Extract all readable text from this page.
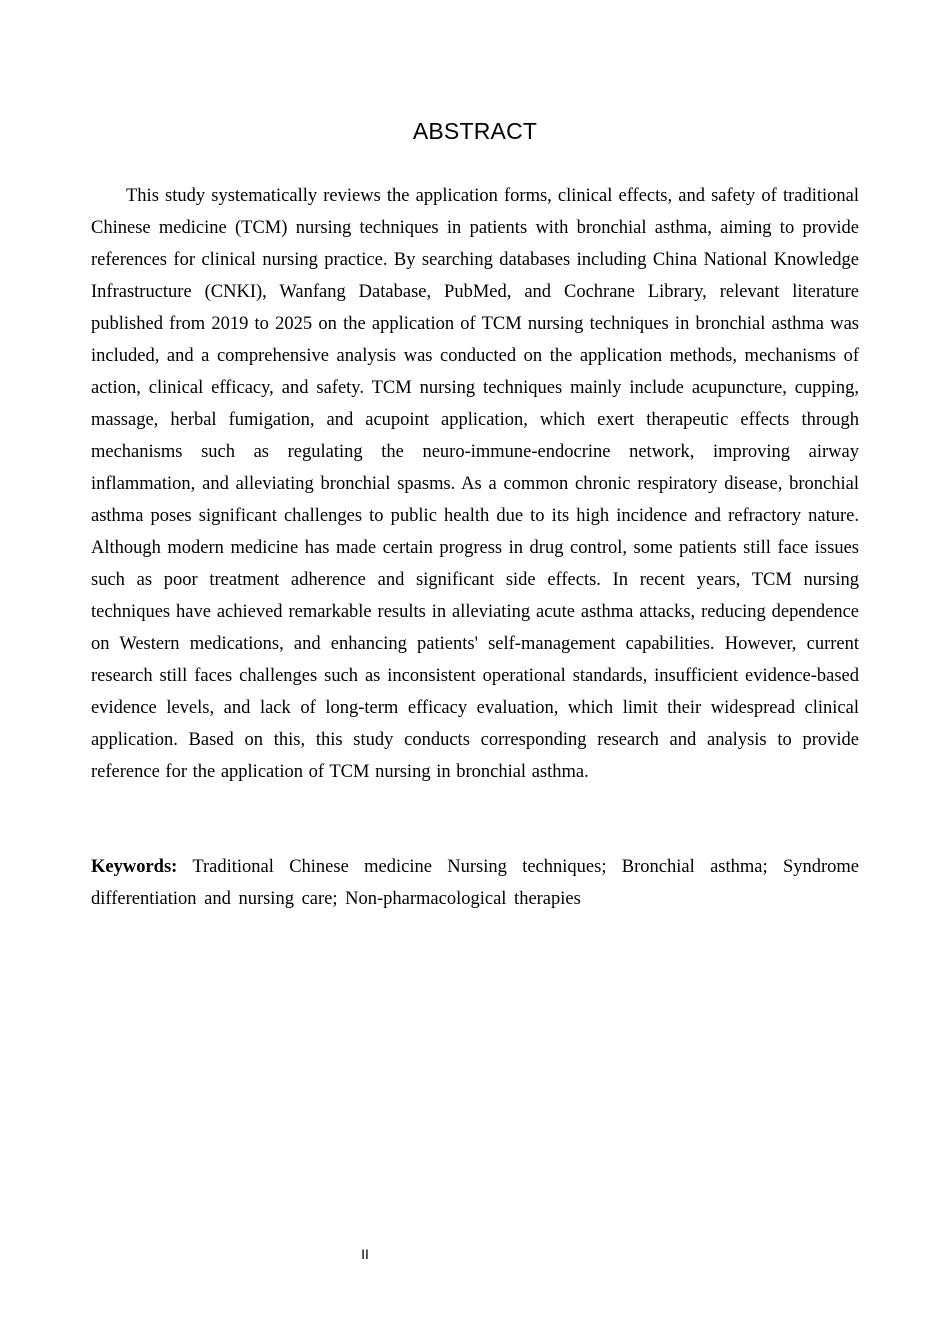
ABSTRACT

This study systematically reviews the application forms, clinical effects, and safety of traditional Chinese medicine (TCM) nursing techniques in patients with bronchial asthma, aiming to provide references for clinical nursing practice. By searching databases including China National Knowledge Infrastructure (CNKI), Wanfang Database, PubMed, and Cochrane Library, relevant literature published from 2019 to 2025 on the application of TCM nursing techniques in bronchial asthma was included, and a comprehensive analysis was conducted on the application methods, mechanisms of action, clinical efficacy, and safety. TCM nursing techniques mainly include acupuncture, cupping, massage, herbal fumigation, and acupoint application, which exert therapeutic effects through mechanisms such as regulating the neuro-immune-endocrine network, improving airway inflammation, and alleviating bronchial spasms. As a common chronic respiratory disease, bronchial asthma poses significant challenges to public health due to its high incidence and refractory nature. Although modern medicine has made certain progress in drug control, some patients still face issues such as poor treatment adherence and significant side effects. In recent years, TCM nursing techniques have achieved remarkable results in alleviating acute asthma attacks, reducing dependence on Western medications, and enhancing patients' self-management capabilities. However, current research still faces challenges such as inconsistent operational standards, insufficient evidence-based evidence levels, and lack of long-term efficacy evaluation, which limit their widespread clinical application. Based on this, this study conducts corresponding research and analysis to provide reference for the application of TCM nursing in bronchial asthma.

Keywords: Traditional Chinese medicine Nursing techniques; Bronchial asthma; Syndrome differentiation and nursing care; Non-pharmacological therapies

II
